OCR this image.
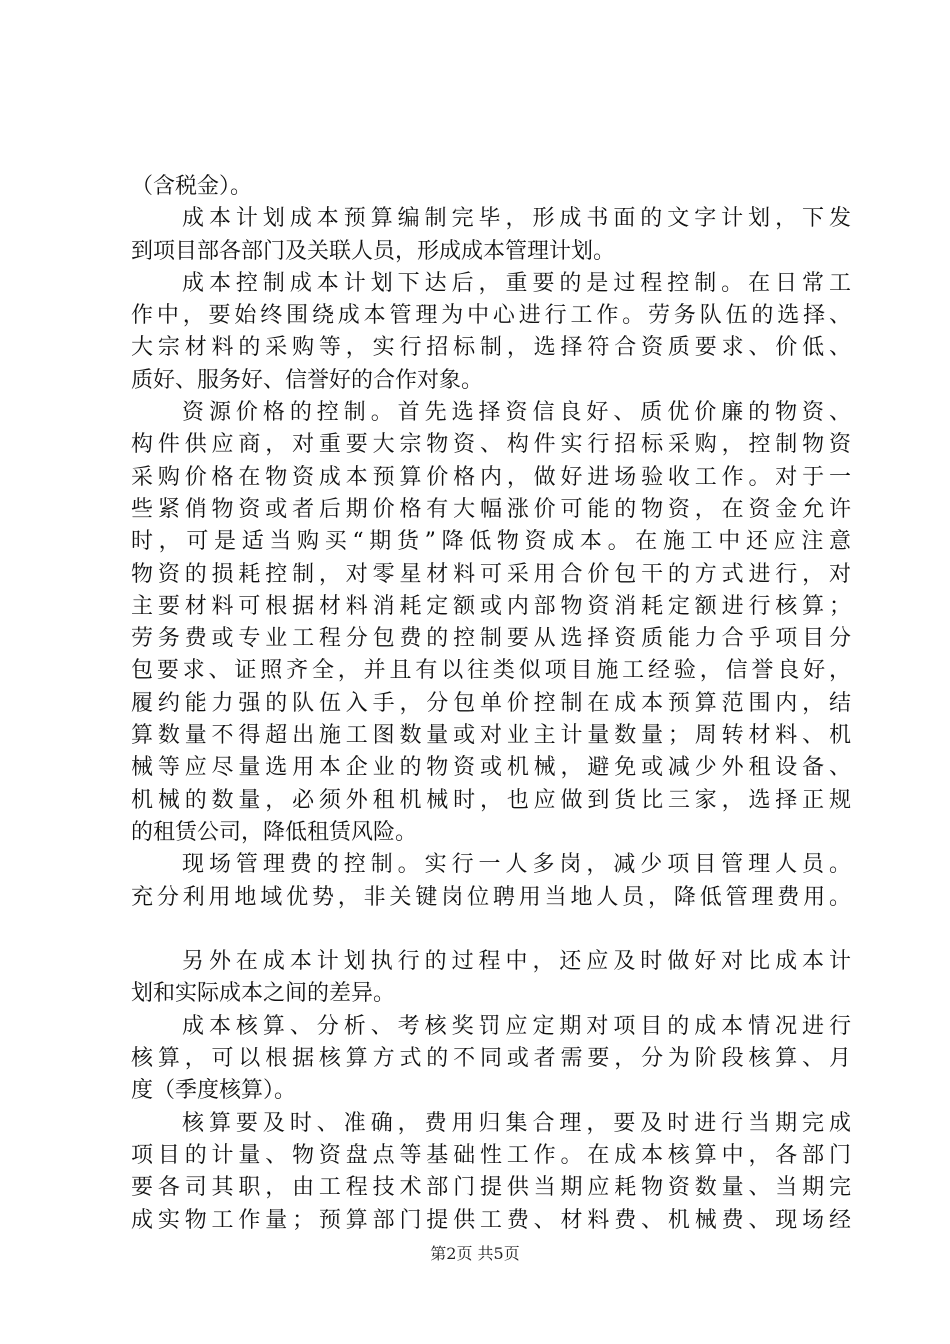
（含税金）。

成本计划成本预算编制完毕，形成书面的文字计划，下发

到项目部各部门及关联人员，形成成本管理计划。

成本控制成本计划下达后，重要的是过程控制。在日常工

作中，要始终围绕成本管理为中心进行工作。劳务队伍的选择、

大宗材料的采购等，实行招标制，选择符合资质要求、价低、

质好、服务好、信誉好的合作对象。

资源价格的控制。首先选择资信良好、质优价廉的物资、

构件供应商，对重要大宗物资、构件实行招标采购，控制物资

采购价格在物资成本预算价格内，做好进场验收工作。对于一

些紧俏物资或者后期价格有大幅涨价可能的物资，在资金允许

时，可是适当购买“期货”降低物资成本。在施工中还应注意

物资的损耗控制，对零星材料可采用合价包干的方式进行，对

主要材料可根据材料消耗定额或内部物资消耗定额进行核算；

劳务费或专业工程分包费的控制要从选择资质能力合乎项目分

包要求、证照齐全，并且有以往类似项目施工经验，信誉良好，

履约能力强的队伍入手，分包单价控制在成本预算范围内，结

算数量不得超出施工图数量或对业主计量数量；周转材料、机

械等应尽量选用本企业的物资或机械，避免或减少外租设备、

机械的数量，必须外租机械时，也应做到货比三家，选择正规

的租赁公司，降低租赁风险。

现场管理费的控制。实行一人多岗，减少项目管理人员。

充分利用地域优势，非关键岗位聘用当地人员，降低管理费用。

另外在成本计划执行的过程中，还应及时做好对比成本计

划和实际成本之间的差异。

成本核算、分析、考核奖罚应定期对项目的成本情况进行

核算，可以根据核算方式的不同或者需要，分为阶段核算、月

度（季度核算）。

核算要及时、准确，费用归集合理，要及时进行当期完成

项目的计量、物资盘点等基础性工作。在成本核算中，各部门

要各司其职，由工程技术部门提供当期应耗物资数量、当期完

成实物工作量；预算部门提供工费、材料费、机械费、现场经

第2页 共5页
